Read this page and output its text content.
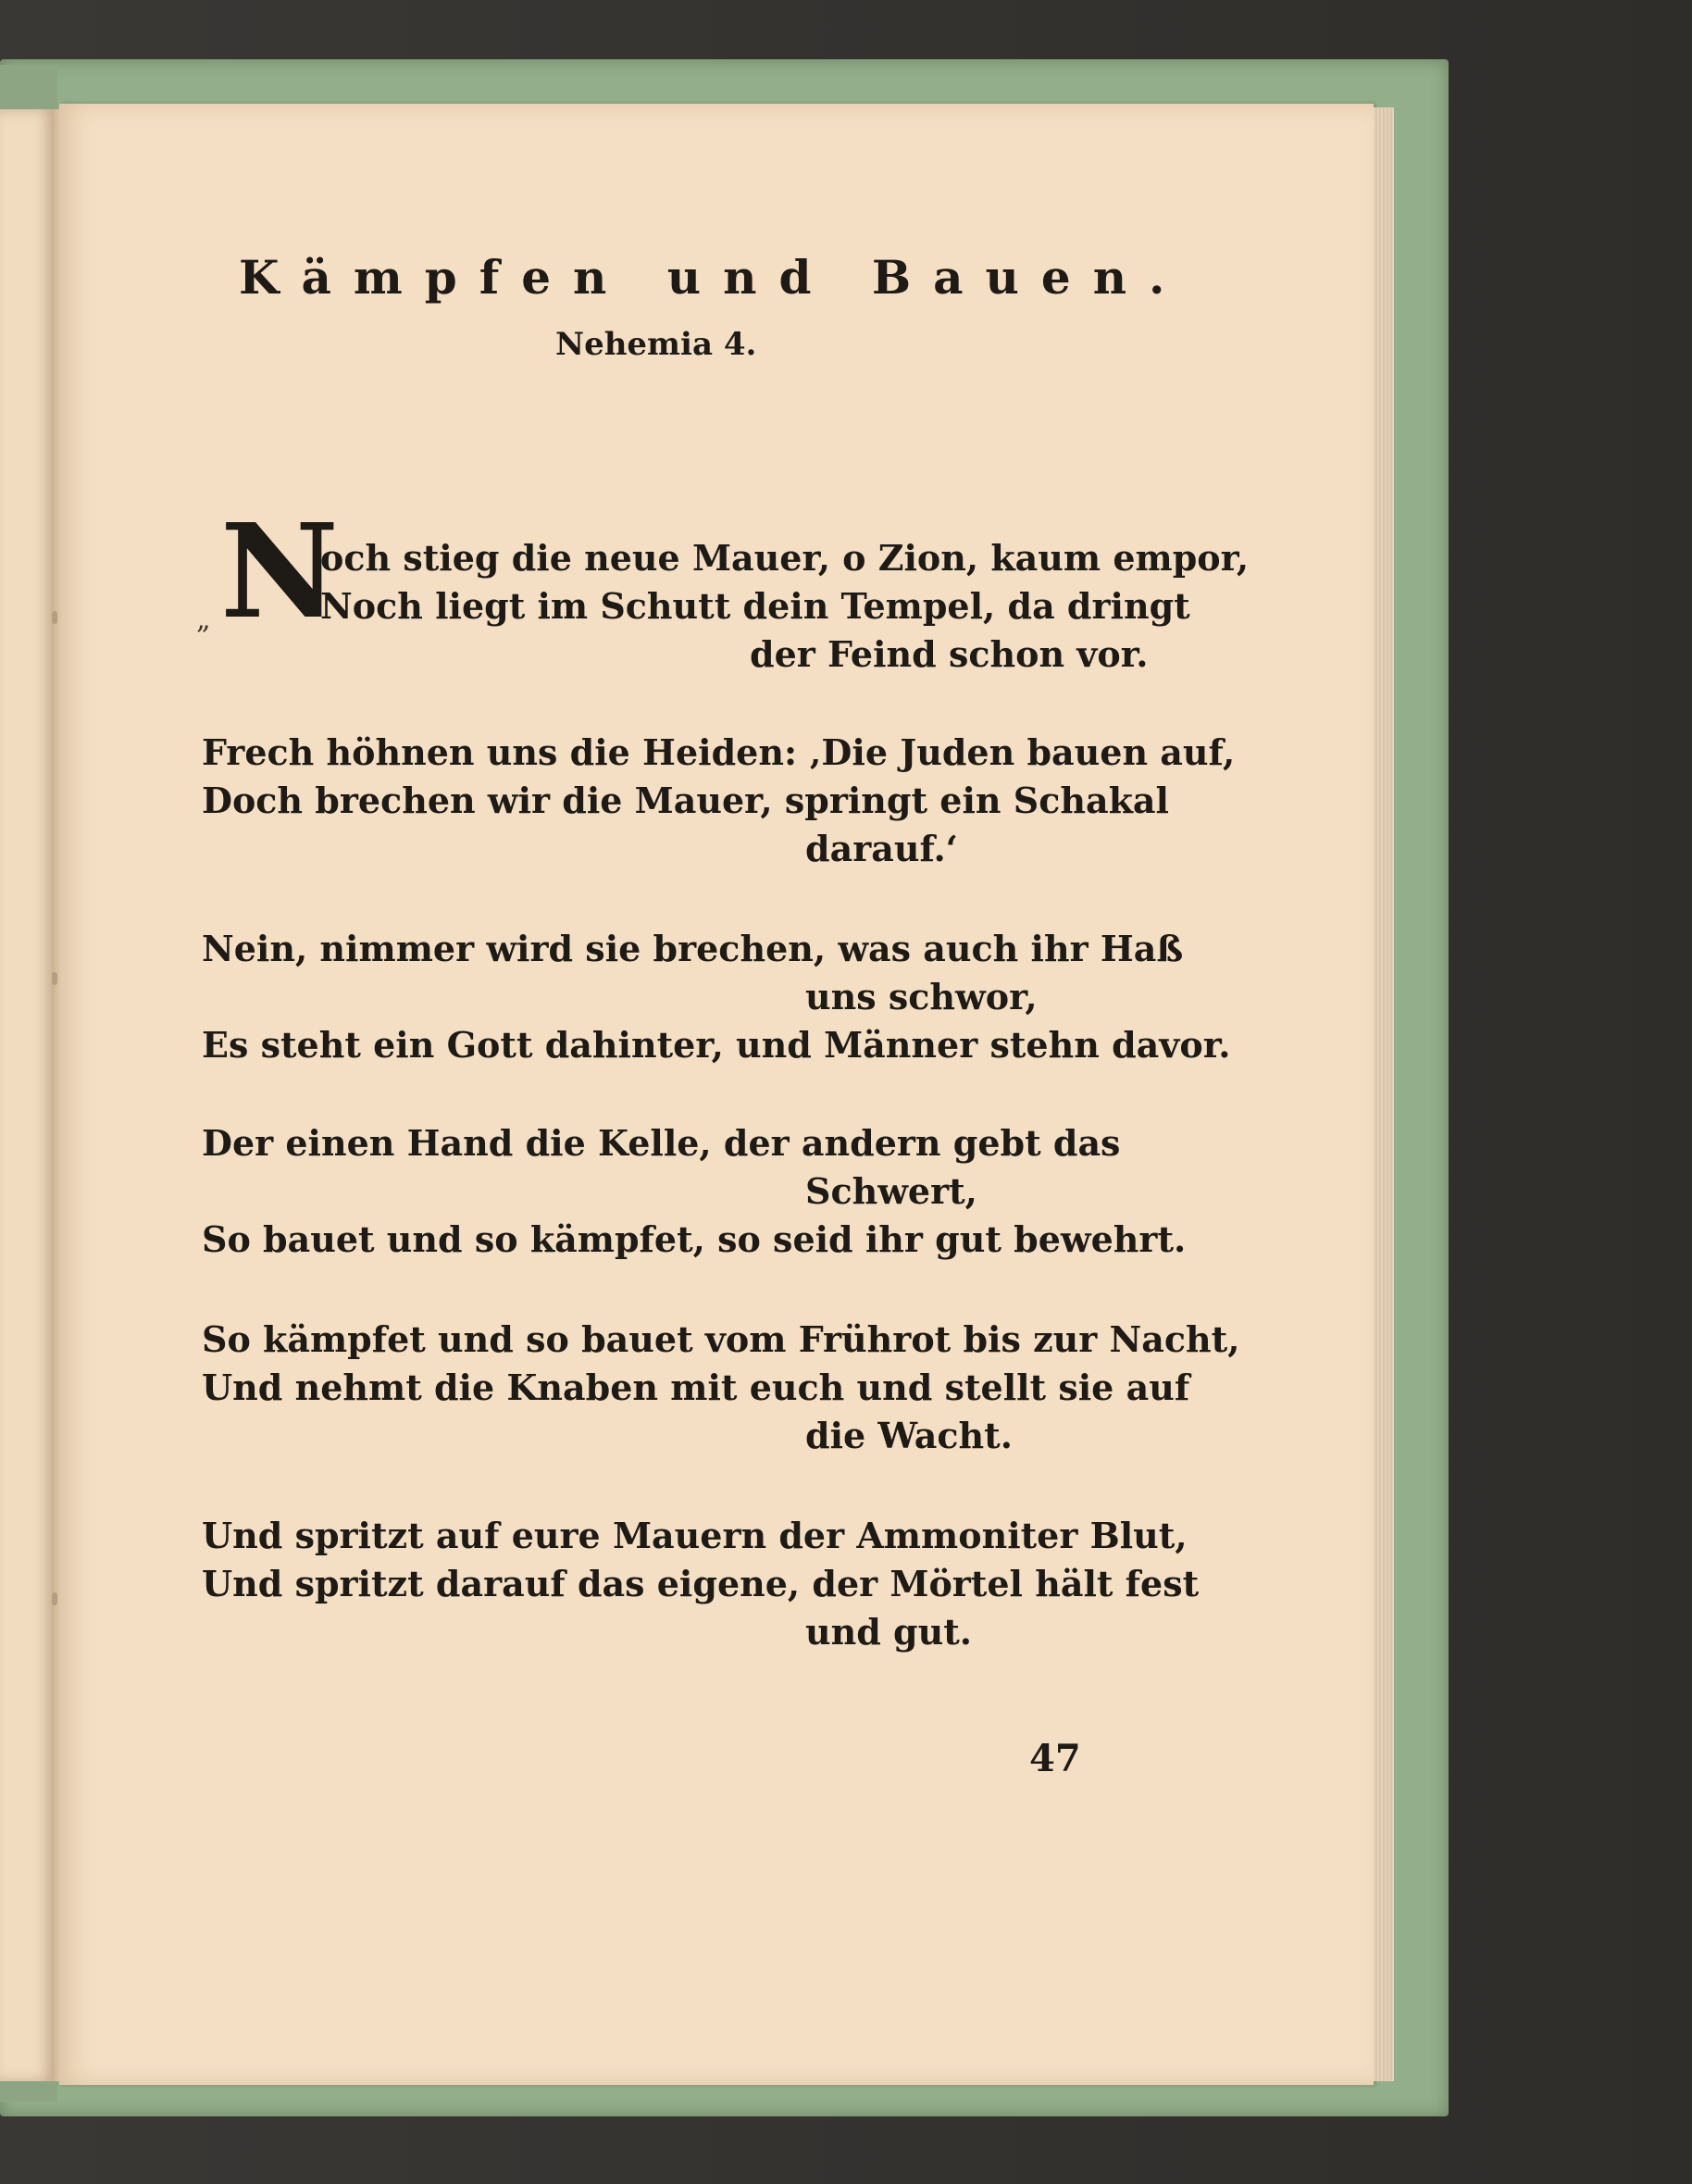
Kämpfen und Bauen.
Nehemia 4.
N
„
och stieg die neue Mauer, o Zion, kaum empor,
Noch liegt im Schutt dein Tempel, da dringt
der Feind schon vor.
Frech höhnen uns die Heiden: ‚Die Juden bauen auf,
Doch brechen wir die Mauer, springt ein Schakal
darauf.‘
Nein, nimmer wird sie brechen, was auch ihr Haß
uns schwor,
Es steht ein Gott dahinter, und Männer stehn davor.
Der einen Hand die Kelle, der andern gebt das
Schwert,
So bauet und so kämpfet, so seid ihr gut bewehrt.
So kämpfet und so bauet vom Frührot bis zur Nacht,
Und nehmt die Knaben mit euch und stellt sie auf
die Wacht.
Und spritzt auf eure Mauern der Ammoniter Blut,
Und spritzt darauf das eigene, der Mörtel hält fest
und gut.
47
